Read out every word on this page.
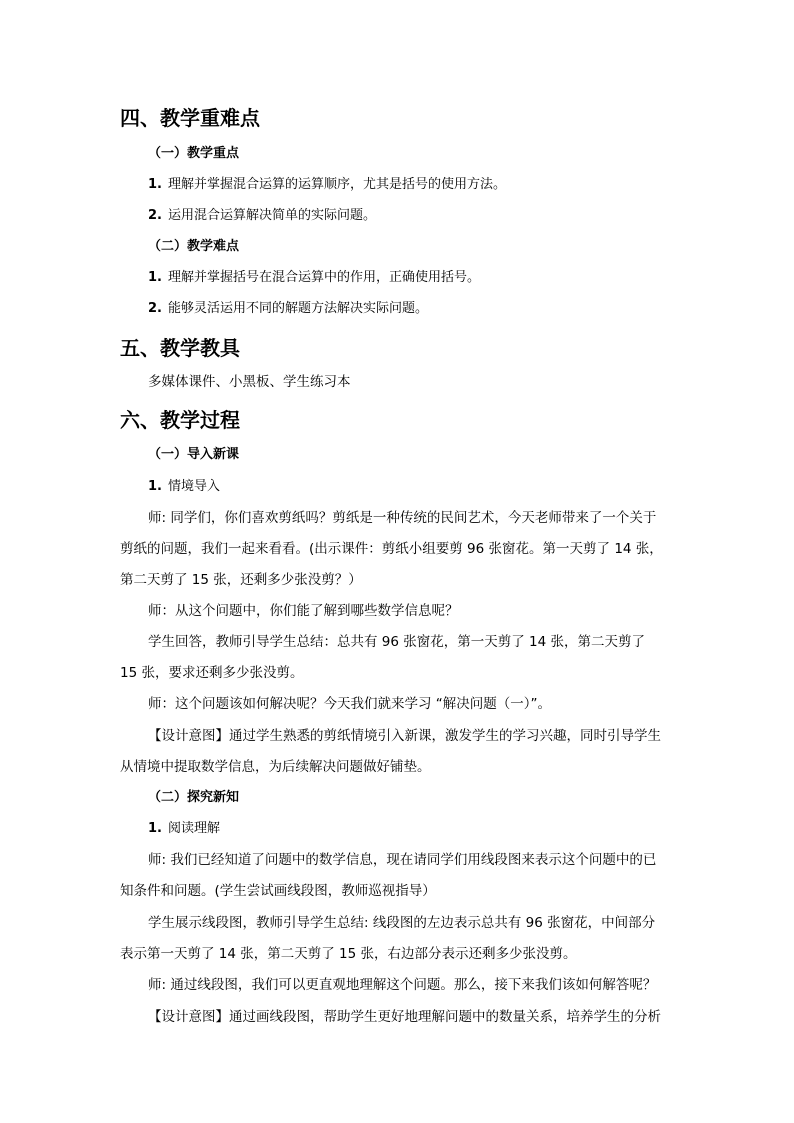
四、教学重难点
（一）教学重点
1. 理解并掌握混合运算的运算顺序，尤其是括号的使用方法。
2. 运用混合运算解决简单的实际问题。
（二）教学难点
1. 理解并掌握括号在混合运算中的作用，正确使用括号。
2. 能够灵活运用不同的解题方法解决实际问题。
五、教学教具
多媒体课件、小黑板、学生练习本
六、教学过程
（一）导入新课
1. 情境导入
师: 同学们，你们喜欢剪纸吗？剪纸是一种传统的民间艺术，今天老师带来了一个关于
剪纸的问题，我们一起来看看。(出示课件：剪纸小组要剪 96 张窗花。第一天剪了 14 张，
第二天剪了 15 张，还剩多少张没剪？）
师：从这个问题中，你们能了解到哪些数学信息呢？
学生回答，教师引导学生总结：总共有 96 张窗花，第一天剪了 14 张，第二天剪了
15 张，要求还剩多少张没剪。
师：这个问题该如何解决呢？今天我们就来学习 “解决问题（一）”。
【设计意图】通过学生熟悉的剪纸情境引入新课，激发学生的学习兴趣，同时引导学生
从情境中提取数学信息，为后续解决问题做好铺垫。
（二）探究新知
1. 阅读理解
师: 我们已经知道了问题中的数学信息，现在请同学们用线段图来表示这个问题中的已
知条件和问题。(学生尝试画线段图，教师巡视指导）
学生展示线段图，教师引导学生总结: 线段图的左边表示总共有 96 张窗花，中间部分
表示第一天剪了 14 张，第二天剪了 15 张，右边部分表示还剩多少张没剪。
师: 通过线段图，我们可以更直观地理解这个问题。那么，接下来我们该如何解答呢？
【设计意图】通过画线段图，帮助学生更好地理解问题中的数量关系，培养学生的分析
